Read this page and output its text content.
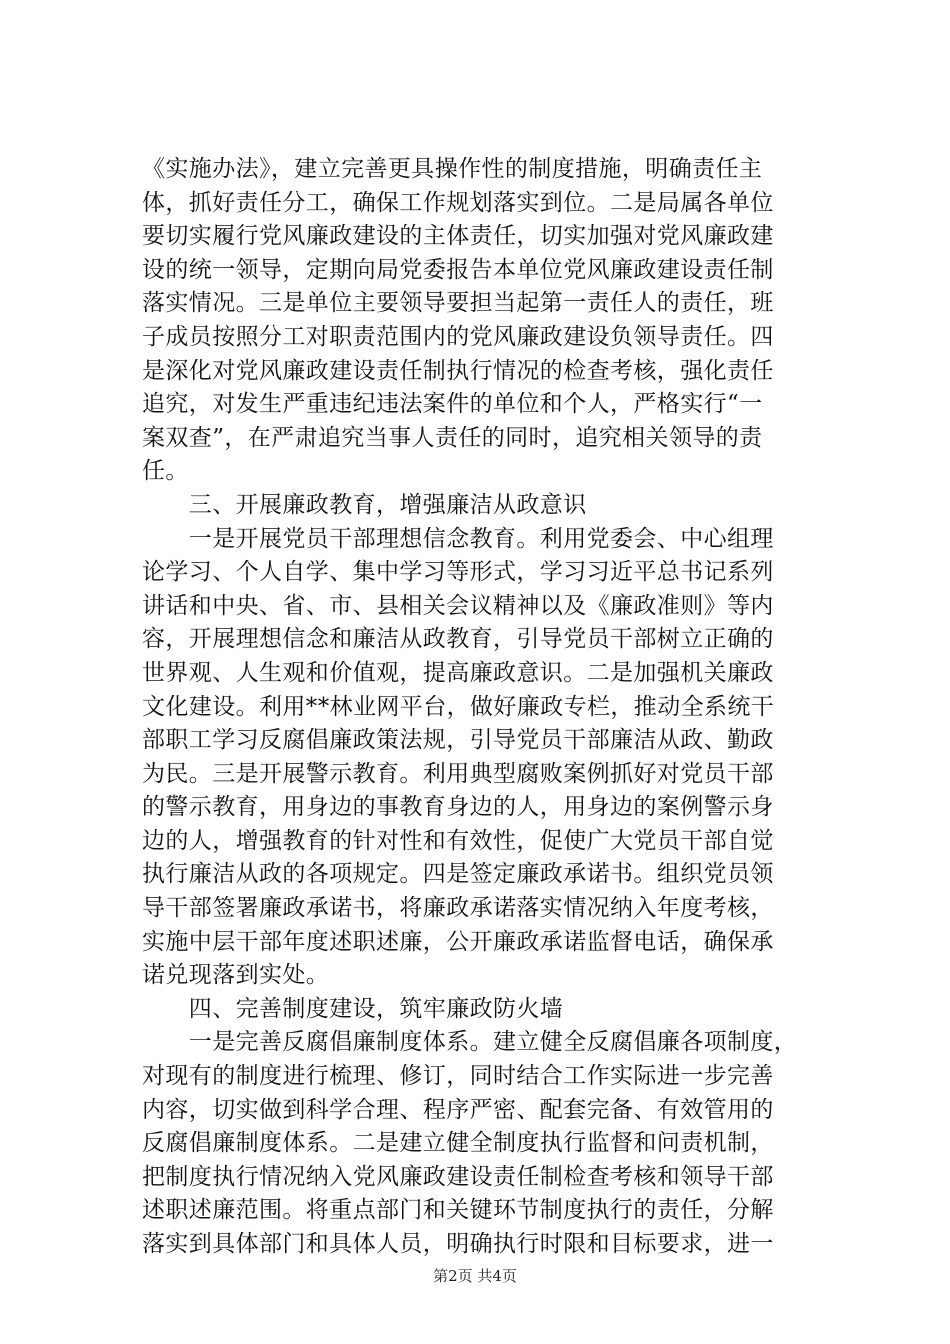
《实施办法》，建立完善更具操作性的制度措施，明确责任主
体，抓好责任分工，确保工作规划落实到位。二是局属各单位
要切实履行党风廉政建设的主体责任，切实加强对党风廉政建
设的统一领导，定期向局党委报告本单位党风廉政建设责任制
落实情况。三是单位主要领导要担当起第一责任人的责任，班
子成员按照分工对职责范围内的党风廉政建设负领导责任。四
是深化对党风廉政建设责任制执行情况的检查考核，强化责任
追究，对发生严重违纪违法案件的单位和个人，严格实行“一
案双查”，在严肃追究当事人责任的同时，追究相关领导的责
任。
　　三、开展廉政教育，增强廉洁从政意识
　　一是开展党员干部理想信念教育。利用党委会、中心组理
论学习、个人自学、集中学习等形式，学习习近平总书记系列
讲话和中央、省、市、县相关会议精神以及《廉政准则》等内
容，开展理想信念和廉洁从政教育，引导党员干部树立正确的
世界观、人生观和价值观，提高廉政意识。二是加强机关廉政
文化建设。利用**林业网平台，做好廉政专栏，推动全系统干
部职工学习反腐倡廉政策法规，引导党员干部廉洁从政、勤政
为民。三是开展警示教育。利用典型腐败案例抓好对党员干部
的警示教育，用身边的事教育身边的人，用身边的案例警示身
边的人，增强教育的针对性和有效性，促使广大党员干部自觉
执行廉洁从政的各项规定。四是签定廉政承诺书。组织党员领
导干部签署廉政承诺书，将廉政承诺落实情况纳入年度考核，
实施中层干部年度述职述廉，公开廉政承诺监督电话，确保承
诺兑现落到实处。
　　四、完善制度建设，筑牢廉政防火墙
　　一是完善反腐倡廉制度体系。建立健全反腐倡廉各项制度，
对现有的制度进行梳理、修订，同时结合工作实际进一步完善
内容，切实做到科学合理、程序严密、配套完备、有效管用的
反腐倡廉制度体系。二是建立健全制度执行监督和问责机制，
把制度执行情况纳入党风廉政建设责任制检查考核和领导干部
述职述廉范围。将重点部门和关键环节制度执行的责任，分解
落实到具体部门和具体人员，明确执行时限和目标要求，进一
第2页 共4页
